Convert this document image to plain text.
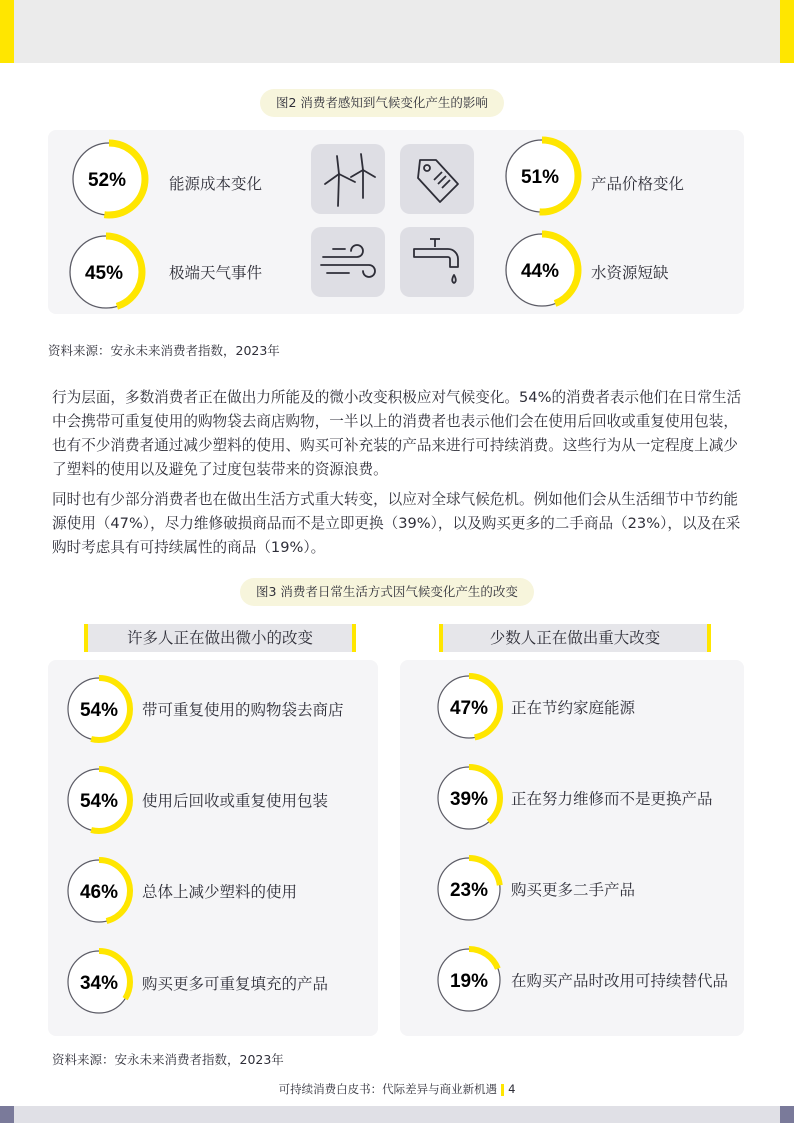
图2 消费者感知到气候变化产生的影响
52%	能源成本变化
45%	极端天气事件
51% 产品价格变化
44% 水资源短缺
资料来源：安永未来消费者指数，2023年

行为层面，多数消费者正在做出力所能及的微小改变积极应对气候变化。54%的消费者表示他们在日常生活中会携带可重复使用的购物袋去商店购物，一半以上的消费者也表示他们会在使用后回收或重复使用包装，也有不少消费者通过减少塑料的使用、购买可补充装的产品来进行可持续消费。这些行为从一定程度上减少了塑料的使用以及避免了过度包装带来的资源浪费。

同时也有少部分消费者也在做出生活方式重大转变，以应对全球气候危机。例如他们会从生活细节中节约能源使用（47%），尽力维修破损商品而不是立即更换（39%），以及购买更多的二手商品（23%），以及在采购时考虑具有可持续属性的商品（19%）。

图3 消费者日常生活方式因气候变化产生的改变
许多人正在做出微小的改变	少数人正在做出重大改变
54% 带可重复使用的购物袋去商店
54% 使用后回收或重复使用包装
46% 总体上减少塑料的使用
34% 购买更多可重复填充的产品
47% 正在节约家庭能源
39% 正在努力维修而不是更换产品
23% 购买更多二手产品
19% 在购买产品时改用可持续替代品
资料来源：安永未来消费者指数，2023年
可持续消费白皮书：代际差异与商业新机遇 4
